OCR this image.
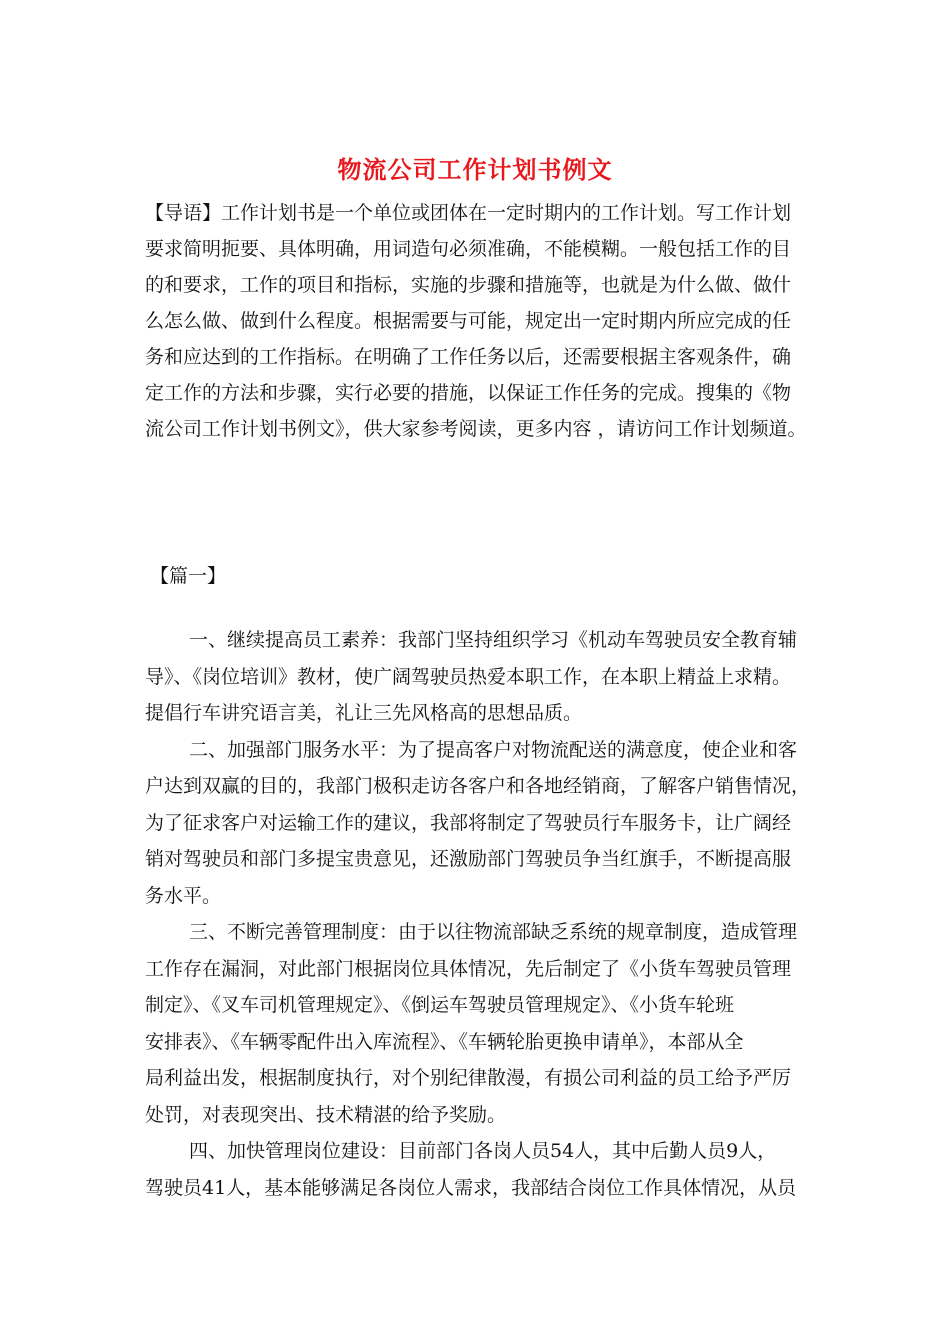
物流公司工作计划书例文
【导语】工作计划书是一个单位或团体在一定时期内的工作计划。写工作计划
要求简明扼要、具体明确，用词造句必须准确，不能模糊。一般包括工作的目
的和要求，工作的项目和指标，实施的步骤和措施等，也就是为什么做、做什
么怎么做、做到什么程度。根据需要与可能，规定出一定时期内所应完成的任
务和应达到的工作指标。在明确了工作任务以后，还需要根据主客观条件，确
定工作的方法和步骤，实行必要的措施，以保证工作任务的完成。搜集的《物
流公司工作计划书例文》，供大家参考阅读，更多内容 ，请访问工作计划频道。
【篇一】
一、继续提高员工素养：我部门坚持组织学习《机动车驾驶员安全教育辅
导》、《岗位培训》教材，使广阔驾驶员热爱本职工作，在本职上精益上求精。
提倡行车讲究语言美，礼让三先风格高的思想品质。
二、加强部门服务水平：为了提高客户对物流配送的满意度，使企业和客
户达到双赢的目的，我部门极积走访各客户和各地经销商，了解客户销售情况，
为了征求客户对运输工作的建议，我部将制定了驾驶员行车服务卡，让广阔经
销对驾驶员和部门多提宝贵意见，还激励部门驾驶员争当红旗手，不断提高服
务水平。
三、不断完善管理制度：由于以往物流部缺乏系统的规章制度，造成管理
工作存在漏洞，对此部门根据岗位具体情况，先后制定了《小货车驾驶员管理
制定》、《叉车司机管理规定》、《倒运车驾驶员管理规定》、《小货车轮班
安排表》、《车辆零配件出入库流程》、《车辆轮胎更换申请单》，本部从全
局利益出发，根据制度执行，对个别纪律散漫，有损公司利益的员工给予严厉
处罚，对表现突出、技术精湛的给予奖励。
四、加快管理岗位建设：目前部门各岗人员54人，其中后勤人员9人，
驾驶员41人，基本能够满足各岗位人需求，我部结合岗位工作具体情况，从员
